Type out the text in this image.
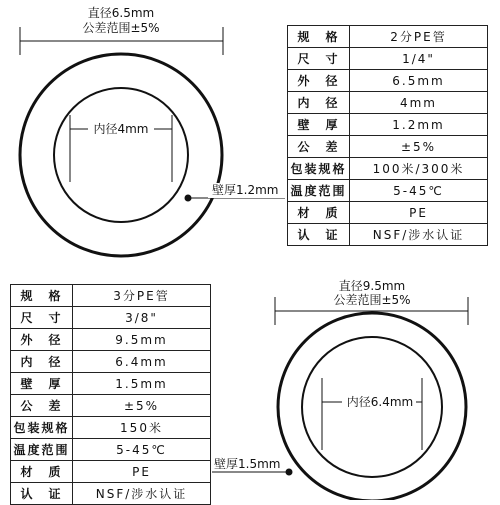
直径6.5mm
公差范围±5%
内径4mm
壁厚1.2mm
直径9.5mm
公差范围±5%
内径6.4mm
壁厚1.5mm
规　格	2分PE管
尺　寸	1/4"
外　径	6.5mm
内　径	4mm
壁　厚	1.2mm
公　差	±5%
包装规格	100米/300米
温度范围	5-45℃
材　质	PE
认　证	NSF/涉水认证
规　格	3分PE管
尺　寸	3/8"
外　径	9.5mm
内　径	6.4mm
壁　厚	1.5mm
公　差	±5%
包装规格	150米
温度范围	5-45℃
材　质	PE
认　证	NSF/涉水认证
